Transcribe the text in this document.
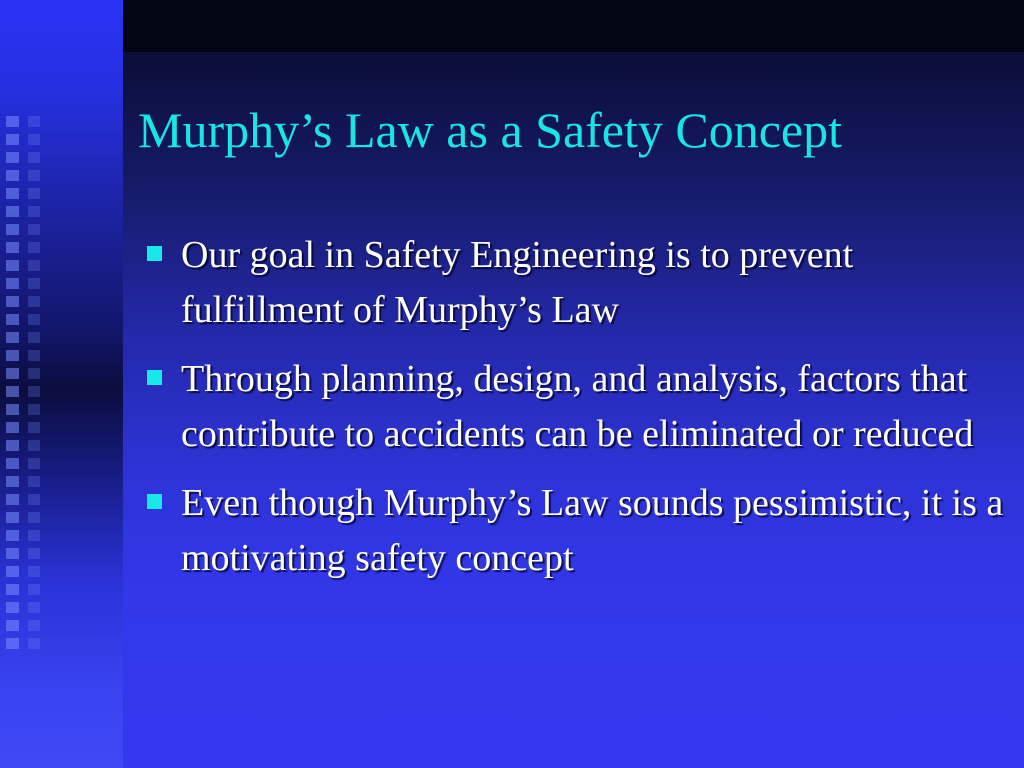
Murphy’s Law as a Safety Concept
Our goal in Safety Engineering is to prevent fulfillment of Murphy’s Law
Through planning, design, and analysis, factors that contribute to accidents can be eliminated or reduced
Even though Murphy’s Law sounds pessimistic, it is a motivating safety concept
